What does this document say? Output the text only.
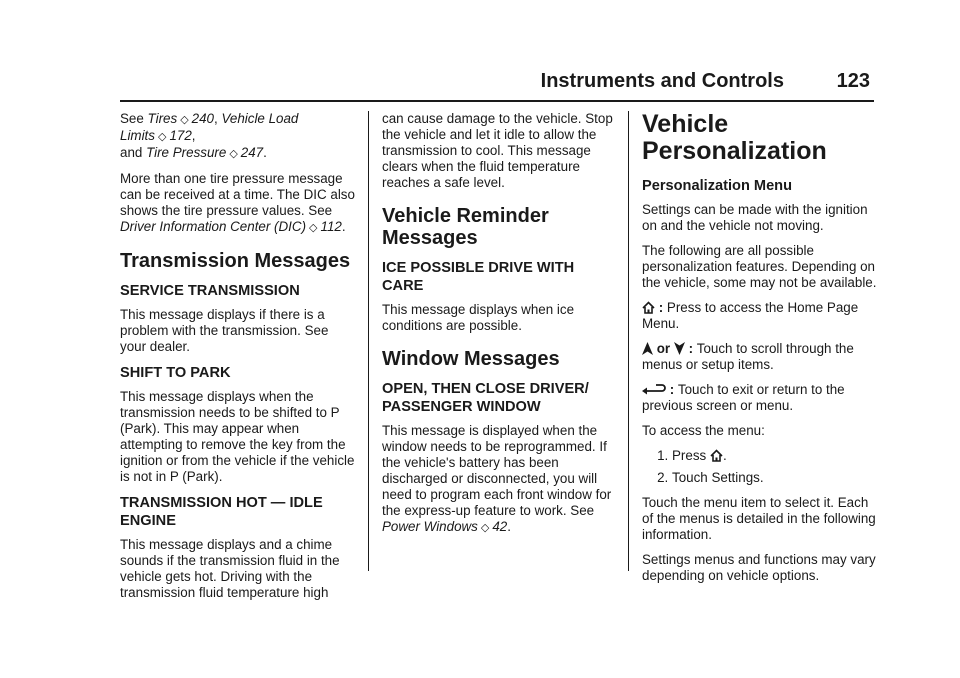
Instruments and Controls	123

See Tires ◇ 240, Vehicle Load Limits ◇ 172,
and Tire Pressure ◇ 247.

More than one tire pressure message can be received at a time. The DIC also shows the tire pressure values. See Driver Information Center (DIC) ◇ 112.

Transmission Messages
SERVICE TRANSMISSION

This message displays if there is a problem with the transmission. See your dealer.

SHIFT TO PARK

This message displays when the transmission needs to be shifted to P (Park). This may appear when attempting to remove the key from the ignition or from the vehicle if the vehicle is not in P (Park).

TRANSMISSION HOT — IDLE ENGINE

This message displays and a chime sounds if the transmission fluid in the vehicle gets hot. Driving with the transmission fluid temperature high

can cause damage to the vehicle. Stop the vehicle and let it idle to allow the transmission to cool. This message clears when the fluid temperature reaches a safe level.

Vehicle Reminder Messages
ICE POSSIBLE DRIVE WITH CARE

This message displays when ice conditions are possible.

Window Messages
OPEN, THEN CLOSE DRIVER/ PASSENGER WINDOW

This message is displayed when the window needs to be reprogrammed. If the vehicle's battery has been discharged or disconnected, you will need to program each front window for the express-up feature to work. See Power Windows ◇ 42.

Vehicle Personalization
Personalization Menu

Settings can be made with the ignition on and the vehicle not moving.

The following are all possible personalization features. Depending on the vehicle, some may not be available.

: Press to access the Home Page Menu.

or  : Touch to scroll through the menus or setup items.

: Touch to exit or return to the previous screen or menu.

To access the menu:

1. Press .
2. Touch Settings.

Touch the menu item to select it. Each of the menus is detailed in the following information.

Settings menus and functions may vary depending on vehicle options.
